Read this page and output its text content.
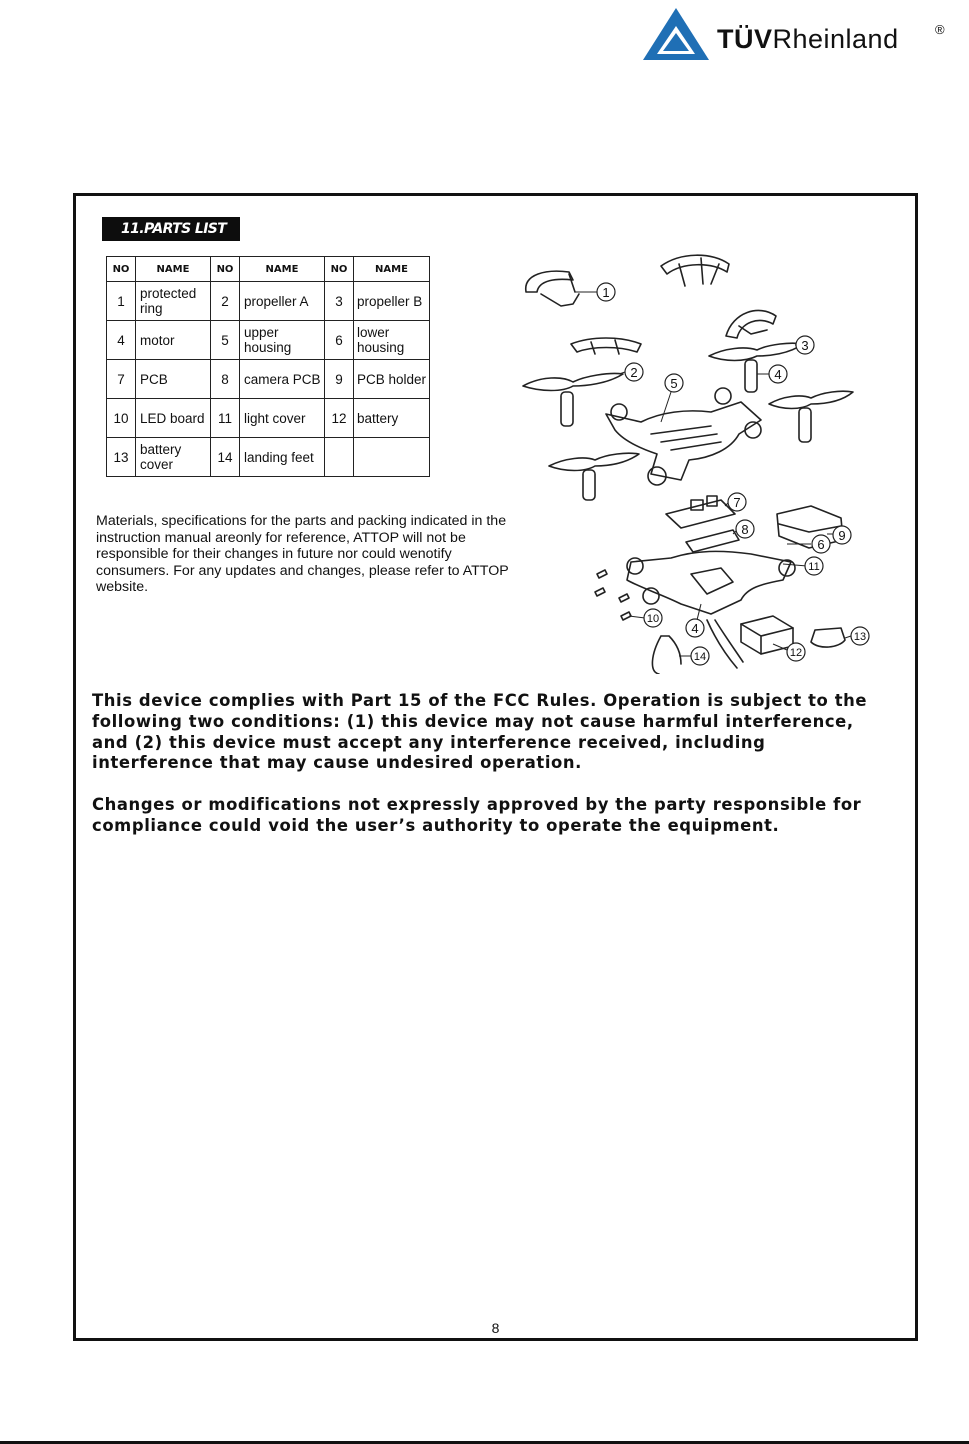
TÜVRheinland	®
11.PARTS LIST
NO	NAME	NO	NAME	NO	NAME
1	protected ring	2	propeller A	3	propeller B
4	motor	5	upper housing	6	lower housing
7	PCB	8	camera PCB	9	PCB holder
10	LED board	11	light cover	12	battery
13	battery cover	14	landing feet		
Materials, specifications for the parts and packing indicated in the instruction manual areonly for reference, ATTOP will not be responsible for their changes in future nor could wenotify consumers. For any updates and changes, please refer to ATTOP website.
1
2
3
4
5
6
7
8	9
10
11
4
12
13
14

This device complies with Part 15 of the FCC Rules. Operation is subject to the following two conditions: (1) this device may not cause harmful interference, and (2) this device must accept any interference received, including interference that may cause undesired operation.

Changes or modifications not expressly approved by the party responsible for compliance could void the user’s authority to operate the equipment.

8
